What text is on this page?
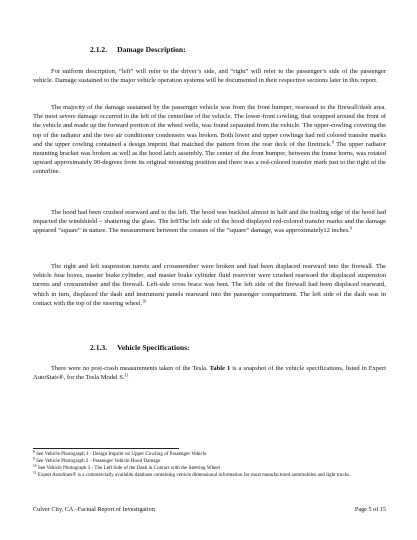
2.1.2. Damage Description:

For uniform description, “left” will refer to the driver’s side, and “right” will refer to the passenger’s side of the passenger vehicle. Damage sustained to the major vehicle operation systems will be documented in their respective sections later in this report.

The majority of the damage sustained by the passenger vehicle was from the front bumper, rearward to the firewall/dash area. The most severe damage occurred to the left of the centerline of the vehicle. The lower-front cowling, that wrapped around the front of the vehicle and made up the forward portion of the wheel wells, was found separated from the vehicle. The upper-cowling covering the top of the radiator and the two air conditioner condensers was broken. Both lower and upper cowlings had red colored transfer marks and the upper cowling contained a design imprint that matched the pattern from the rear deck of the firetruck.$^8$ The upper radiator mounting bracket was broken as well as the hood latch assembly. The center of the front bumper, between the frame horns, was rotated upward approximately 90-degrees from its original mounting position and there was a red-colored transfer mark just to the right of the centerline.

The hood had been crushed rearward and to the left. The hood was buckled almost in half and the trailing edge of the hood had impacted the windshield – shattering the glass. The leftThe left side of the hood displayed red-colored transfer marks and the damage appeared “square” in nature. The measurement between the creases of the “square” damage, was approximately12 inches.$^9$

The right and left suspension turrets and crossmember were broken and had been displaced rearward into the firewall. The vehicle fuse boxes, master brake cylinder, and master brake cylinder fluid reservoir were crushed rearward the displaced suspension turrets and crossmember and the firewall. Left-side cross brace was bent. The left side of the firewall had been displaced rearward, which in turn, displaced the dash and instrument panels rearward into the passenger compartment. The left side of the dash was in contact with the top of the steering wheel.$^{10}$

2.1.3. Vehicle Specifications:

There were no post-crash measurements taken of the Tesla. Table 1 is a snapshot of the vehicle specifications, listed in Expert AutoStats®, for the Tesla Model S.$^{11}$

$^8$ See Vehicle Photograph 1 - Design Imprint on Upper Cowling of Passenger Vehicle

$^9$ See Vehicle Photograph 2 - Passenger Vehicle Hood Damage

$^{10}$ See Vehicle Photograph 3 - The Left Side of the Dash in Contact with the Steering Wheel

$^{11}$ Expert AutoStats® is a commercially available database containing vehicle dimensional information for most manufactured automobiles and light trucks.

Culver City, CA –Factual Report of Investigation	Page 5 of 15
